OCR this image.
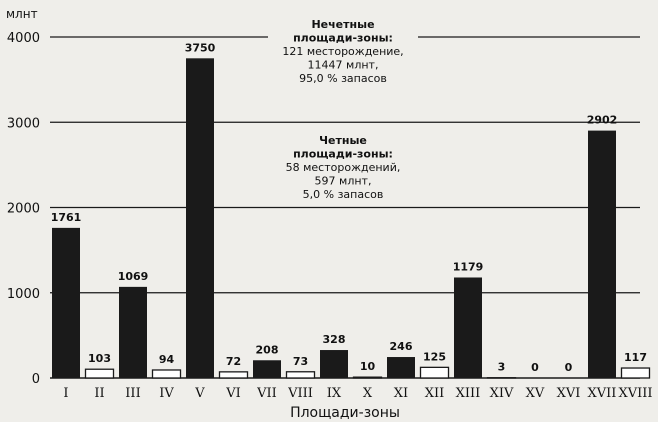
0
1000
2000
3000
4000
млнт
Нечетные
площади-зоны:
121 месторождение,
11447 млнт,
95,0 % запасов
Четные
площади-зоны:
58 месторождений,
597 млнт,
5,0 % запасов
1761
I
103
II
1069
III
94
IV
3750
V
72
VI
208
VII
73
VIII
328
IX
10
X
246
XI
125
XII
1179
XIII
3
XIV
0
XV
0
XVI
2902
XVII
117
XVIII
Площади-зоны
